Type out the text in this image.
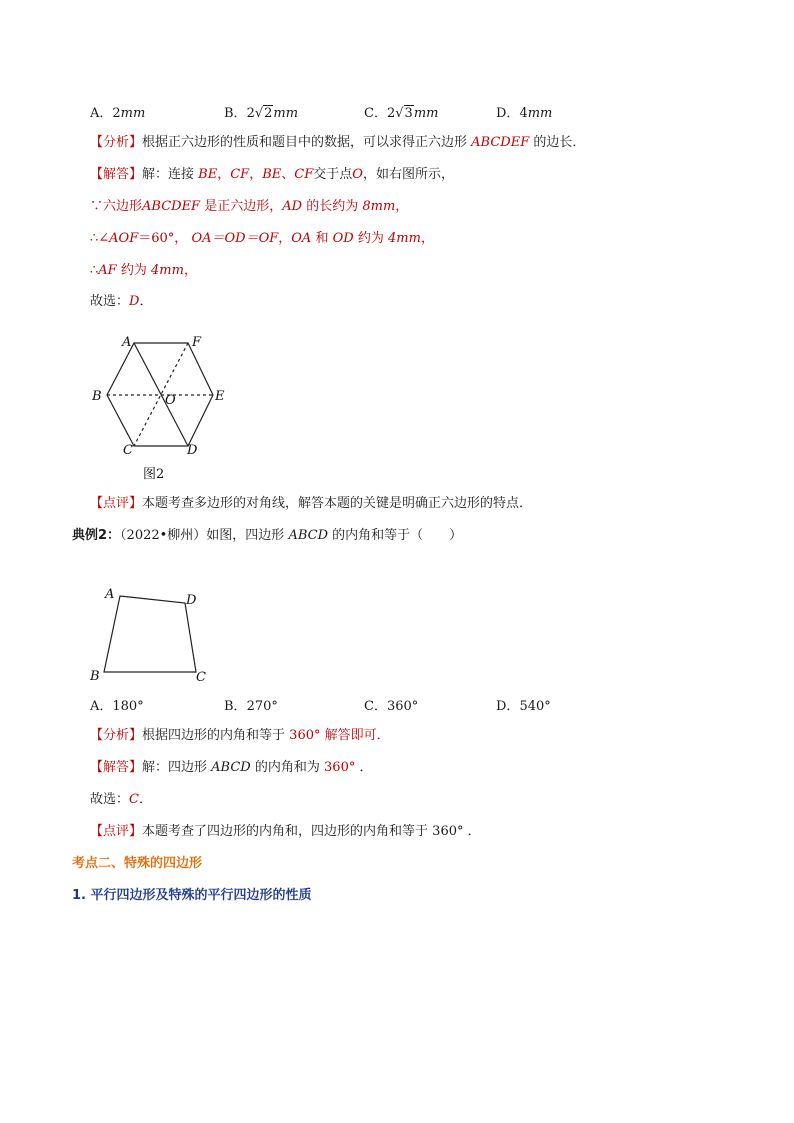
A．2mm	B．2√2mm	C．2√3mm	D．4mm
【分析】根据正六边形的性质和题目中的数据，可以求得正六边形 ABCDEF 的边长．
【解答】解：连接 BE，CF，BE、CF交于点O，如右图所示，
∵六边形ABCDEF 是正六边形，AD 的长约为 8mm，
∴∠AOF＝60°， OA＝OD＝OF，OA 和 OD 约为 4mm，
∴AF 约为 4mm，
故选：D．
A	F
B	O	E
C	D
图2
【点评】本题考查多边形的对角线，解答本题的关键是明确正六边形的特点．
典例2：（2022•柳州）如图，四边形 ABCD 的内角和等于（　　）
A	D
B	C
A．180°	B．270°	C．360°	D．540°
【分析】根据四边形的内角和等于 360° 解答即可．
【解答】解：四边形 ABCD 的内角和为 360° ．
故选：C．
【点评】本题考查了四边形的内角和，四边形的内角和等于 360° ．
考点二、特殊的四边形
1. 平行四边形及特殊的平行四边形的性质
